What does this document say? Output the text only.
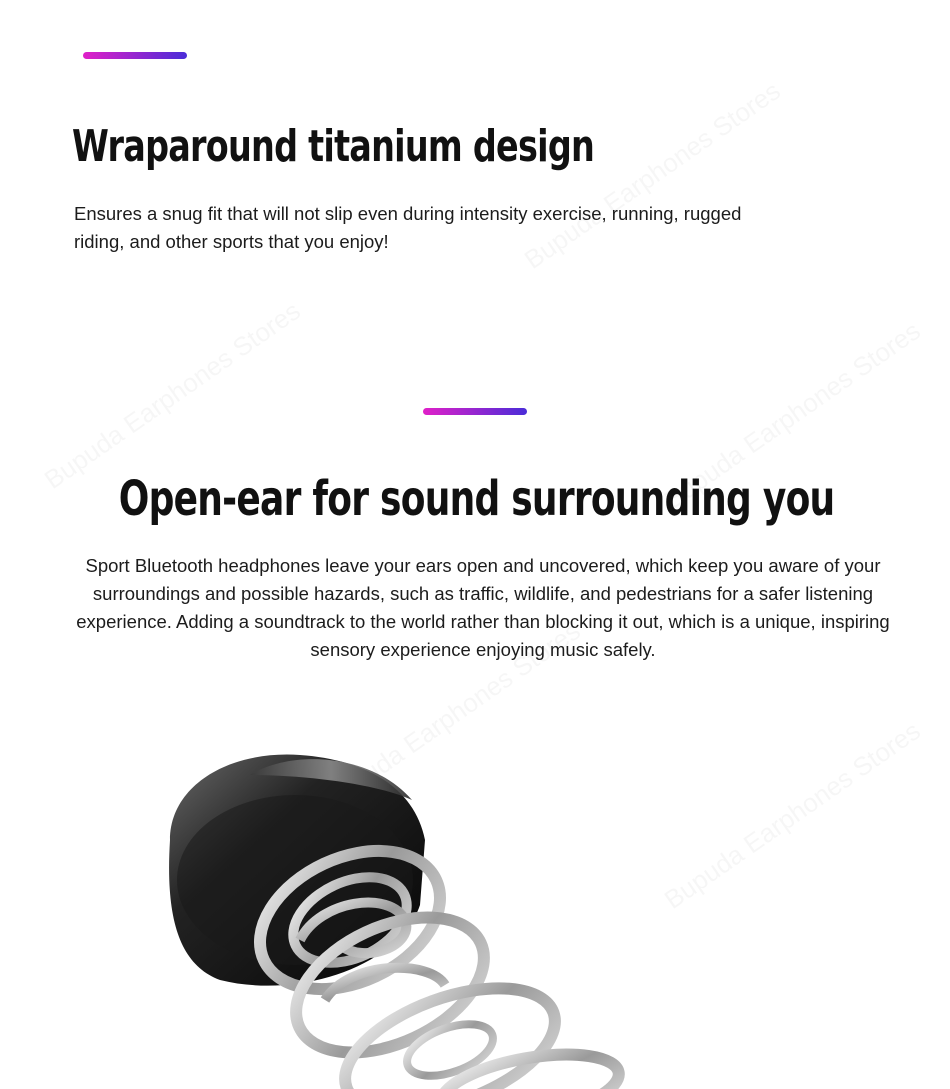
Wraparound titanium design

Ensures a snug fit that will not slip even during intensity exercise, running, rugged riding, and other sports that you enjoy!

Open-ear for sound surrounding you

Sport Bluetooth headphones leave your ears open and uncovered, which keep you aware of your surroundings and possible hazards, such as traffic, wildlife, and pedestrians for a safer listening experience. Adding a soundtrack to the world rather than blocking it out, which is a unique, inspiring sensory experience enjoying music safely.
